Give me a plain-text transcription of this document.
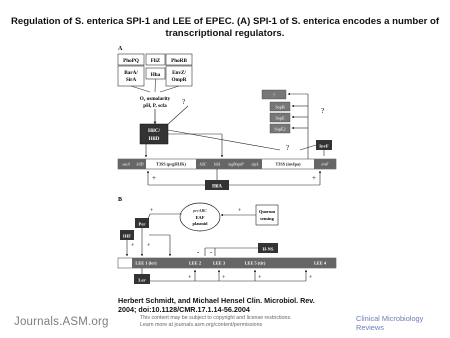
Regulation of S. enterica SPI-1 and LEE of EPEC. (A) SPI-1 of S. enterica encodes a number of
transcriptional regulators.
A
PhoPQ FliZ PhoRB
BarA/
SirA
Hha EnvZ/
OmpR
O₂ osmolarity
pH, P, scfa ?
HilC/
HilD
?
SopB
SopE
SopE2
?
?	InvF
sucA hilD	hilC hilA iagB/sptP sipA	invF
T3SS (prgHIJK)	T3SS (invIpa)
HilA
+	+
B
perABC
EAF
plasmid
Quorum
sensing
+
Per
+
IHF
H-NS
+ +
- -
LEE 1 (ler)	LEE 2	LEE 3	LEE 5 (tir)	LEE 4
Ler	+	+	+	+
Herbert Schmidt, and Michael Hensel Clin. Microbiol. Rev.
2004; doi:10.1128/CMR.17.1.14-56.2004
Journals.ASM.org	This content may be subject to copyright and license restrictions.
Learn more at journals.asm.org/content/permissions
Clinical Microbiology
Reviews
